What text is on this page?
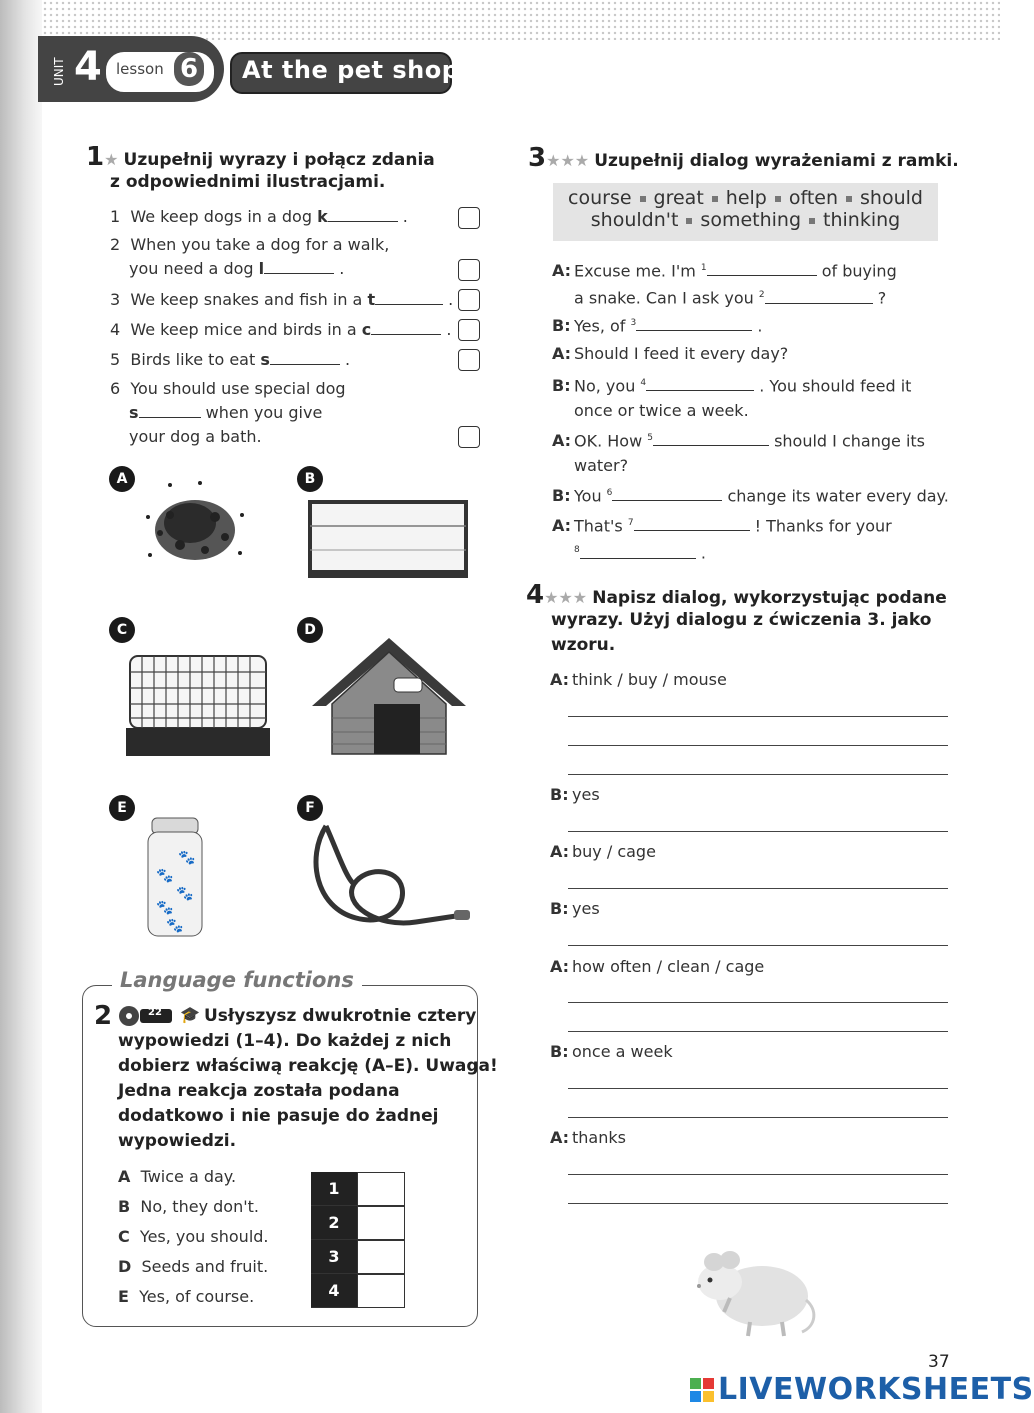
UNIT 4 lesson 6 At the pet shop
1★ Uzupełnij wyrazy i połącz zdania
z odpowiednimi ilustracjami.
1 We keep dogs in a dog k	.
2 When you take a dog for a walk,
you need a dog l	.
3 We keep snakes and fish in a t	.
4 We keep mice and birds in a c	.
5 Birds like to eat s	.
6 You should use special dog
s	when you give
your dog a bath.
A	B
C	D
E
🐾
🐾
🐾
🐾
🐾
F
Language functions
2	22 🎓 Usłyszysz dwukrotnie cztery
wypowiedzi (1–4). Do każdej z nich
dobierz właściwą reakcję (A–E). Uwaga!
Jedna reakcja została podana
dodatkowo i nie pasuje do żadnej
wypowiedzi.
A Twice a day.
B No, they don't.
C Yes, you should.
D Seeds and fruit.
E Yes, of course.
1
2
3
4
3★★★ Uzupełnij dialog wyrażeniami z ramki.
course great help often should
shouldn't something thinking
A: Excuse me. I'm $^1$	of buying
a snake. Can I ask you $^2$	?
B: Yes, of $^3$	.
A: Should I feed it every day?
B: No, you $^4$	. You should feed it
once or twice a week.
A: OK. How $^5$	should I change its
water?
B: You $^6$	change its water every day.
A: That's $^7$	! Thanks for your
$^8$	.
4★★★ Napisz dialog, wykorzystując podane
wyrazy. Użyj dialogu z ćwiczenia 3. jako
wzoru.
A: think / buy / mouse
B: yes
A: buy / cage
B: yes
A: how often / clean / cage
B: once a week
A: thanks
37
LIVEWORKSHEETS
